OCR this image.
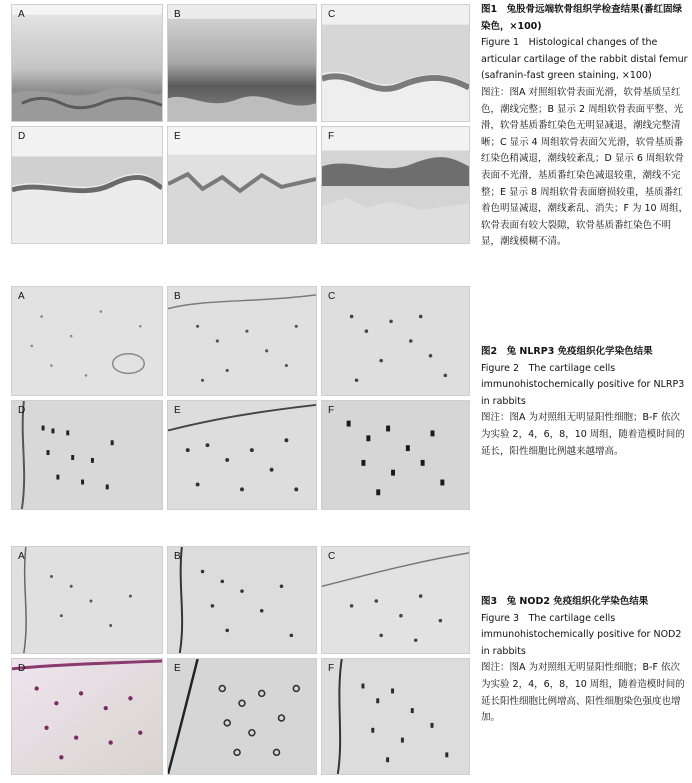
A	B	C
D	E	F

图1　兔股骨远端软骨组织学检查结果(番红固绿染色，×100)

Figure 1　Histological changes of the articular cartilage of the rabbit distal femur (safranin-fast green staining, ×100)

图注：图A 对照组软骨表面光滑，软骨基质呈红色，潮线完整；B 显示 2 周组软骨表面平整、光滑，软骨基质番红染色无明显减退，潮线完整清晰；C 显示 4 周组软骨表面欠光滑，软骨基质番红染色稍减退，潮线较紊乱；D 显示 6 周组软骨表面不光滑，基质番红染色减退较重，潮线不完整；E 显示 8 周组软骨表面磨损较重，基质番红着色明显减退，潮线紊乱、消失；F 为 10 周组，软骨表面有较大裂隙，软骨基质番红染色不明显，潮线模糊不清。

A	B	C
D	E	F

图2　兔 NLRP3 免疫组织化学染色结果

Figure 2　The cartilage cells immunohistochemically positive for NLRP3 in rabbits

图注：图A 为对照组无明显阳性细胞；B-F 依次为实验 2，4，6，8，10 周组，随着造模时间的延长，阳性细胞比例越来越增高。

A	B	C
D	E	F

图3　兔 NOD2 免疫组织化学染色结果

Figure 3　The cartilage cells immunohistochemically positive for NOD2 in rabbits

图注：图A 为对照组无明显阳性细胞；B-F 依次为实验 2，4，6，8，10 周组，随着造模时间的延长阳性细胞比例增高、阳性细胞染色强度也增加。
